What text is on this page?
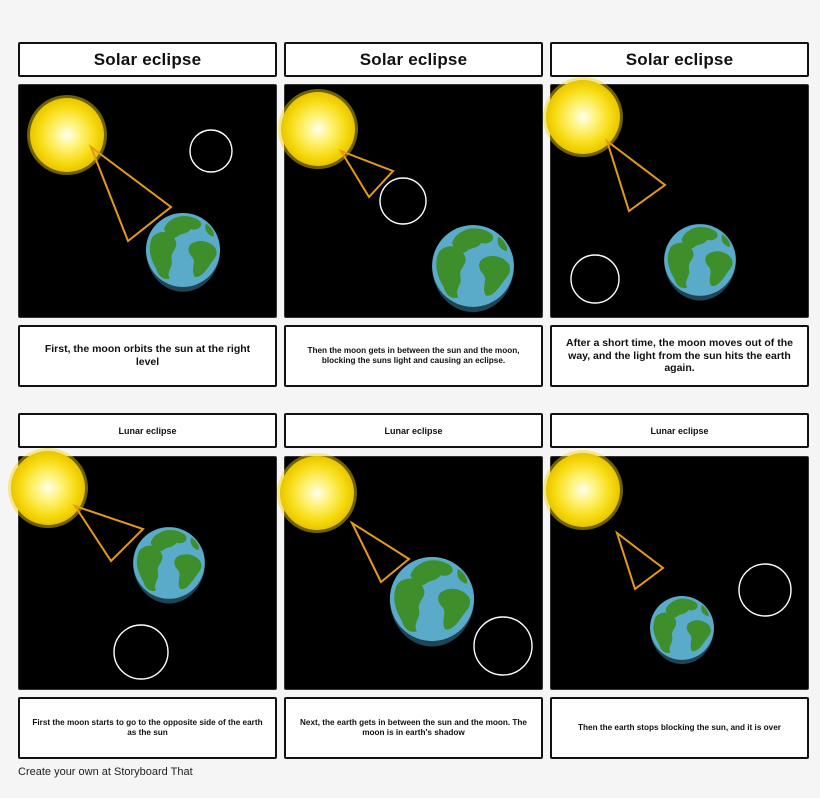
Solar eclipse	Solar eclipse	Solar eclipse
First, the moon orbits the sun at the right level
Then the moon gets in between the sun and the moon, blocking the suns light and causing an eclipse.
After a short time, the moon moves out of the way, and the light from the sun hits the earth again.
Lunar eclipse	Lunar eclipse	Lunar eclipse
First the moon starts to go to the opposite side of the earth as the sun
Next, the earth gets in between the sun and the moon. The moon is in earth's shadow
Then the earth stops blocking the sun, and it is over
Create your own at Storyboard That
